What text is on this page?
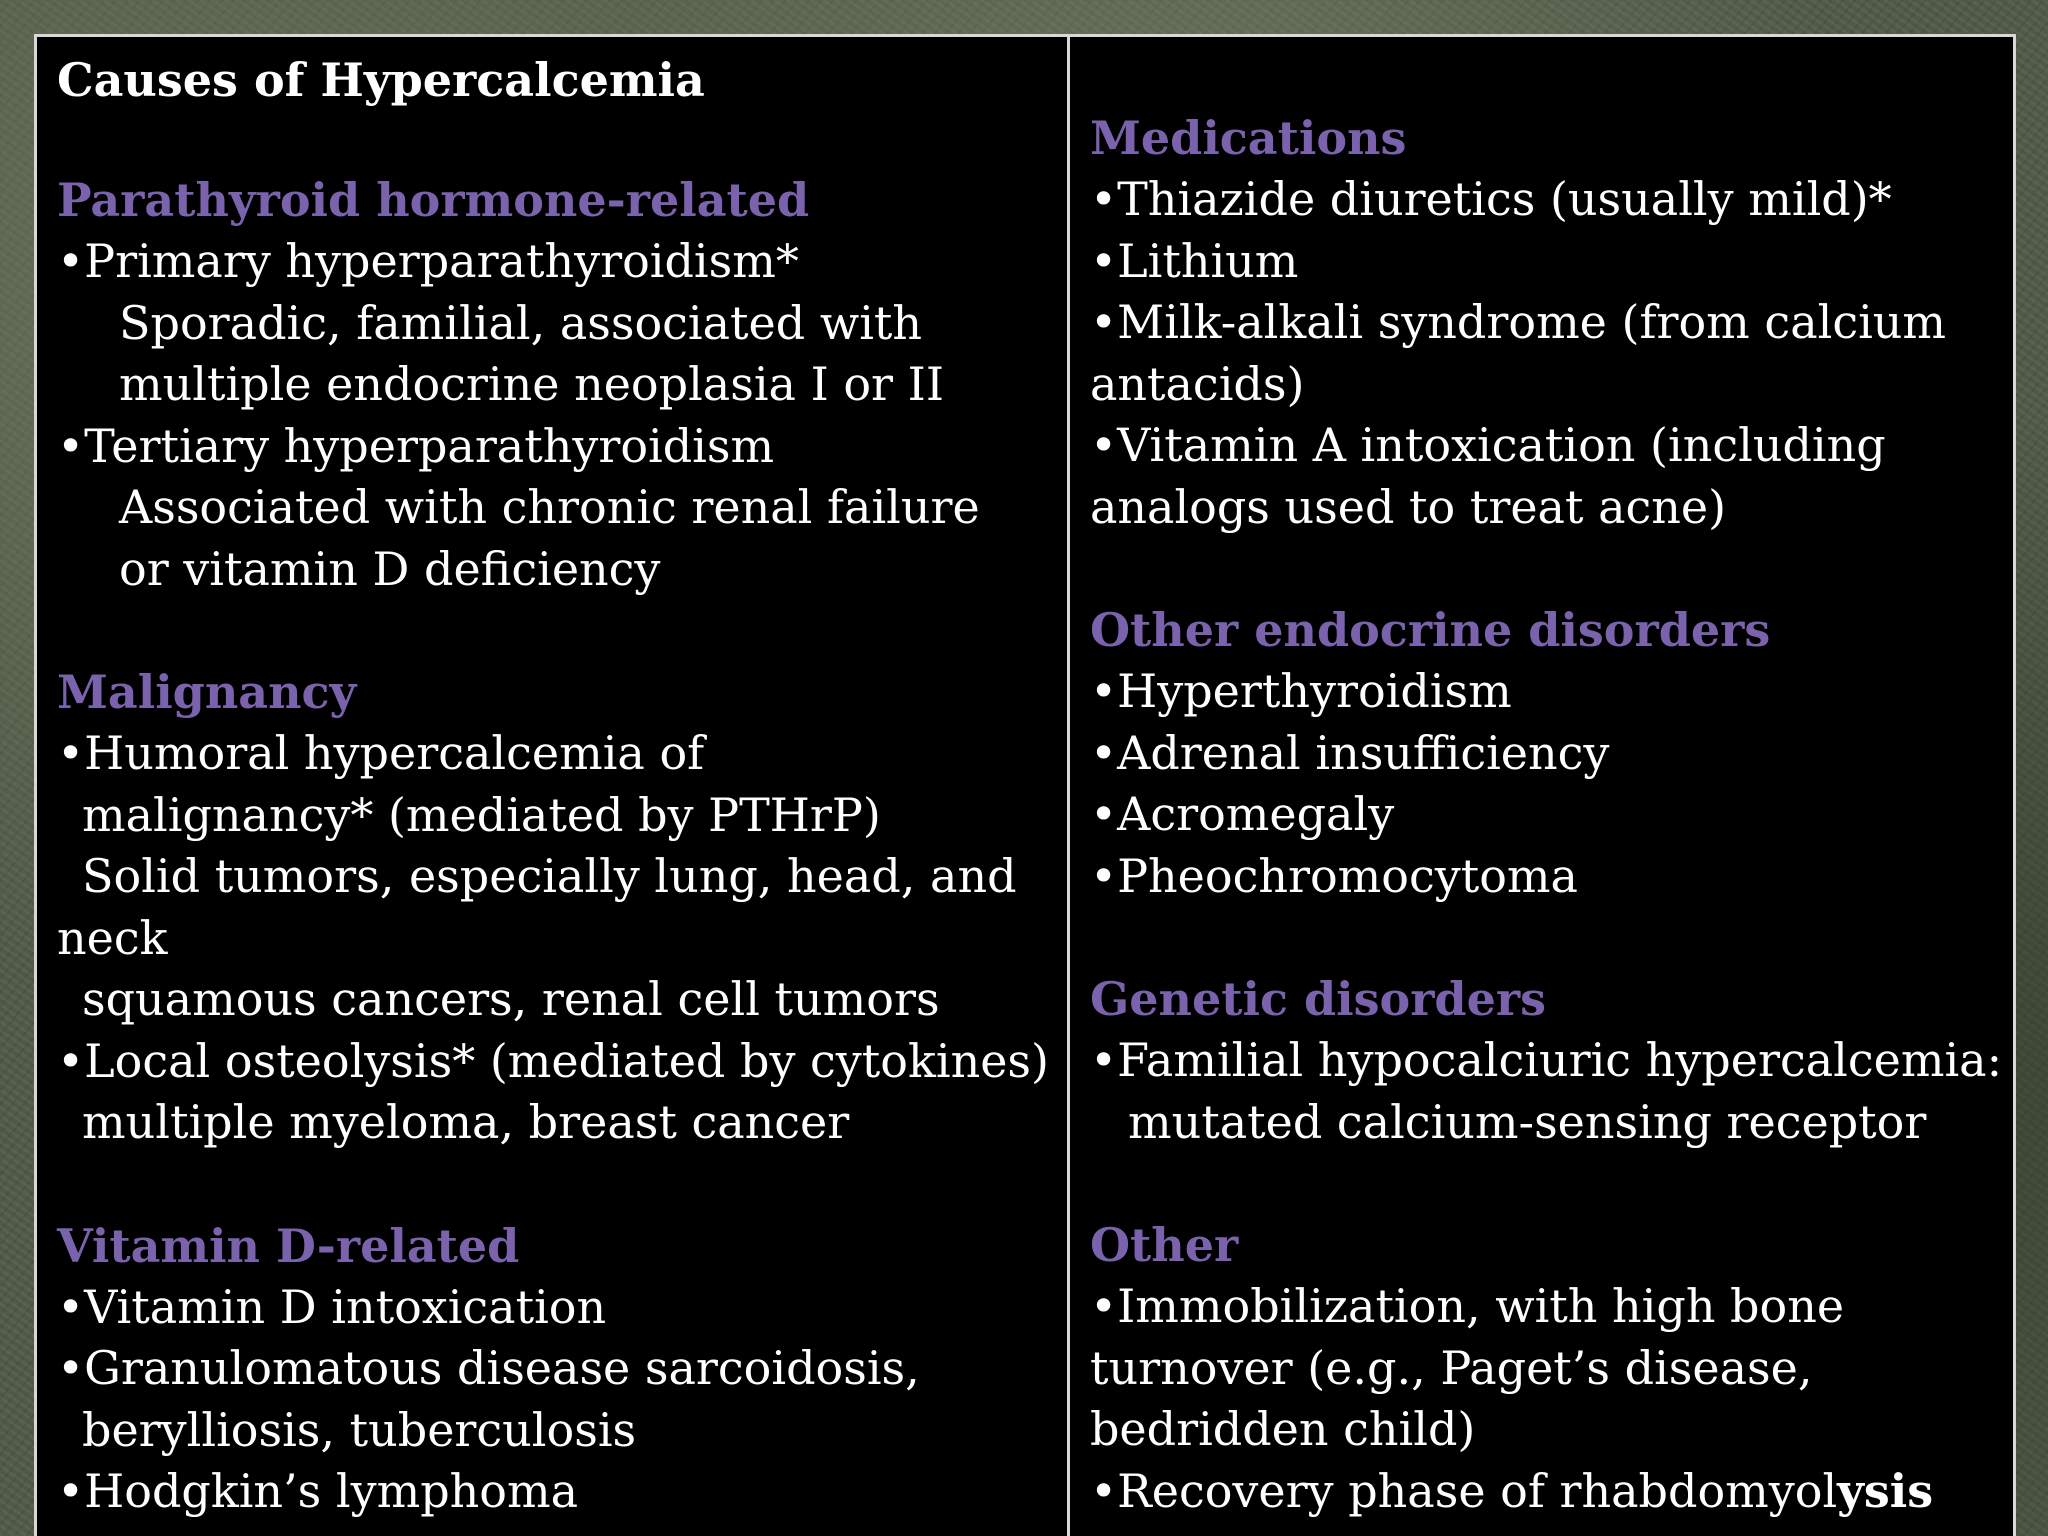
Causes of Hypercalcemia

Parathyroid hormone-related

•Primary hyperparathyroidism*

Sporadic, familial, associated with

multiple endocrine neoplasia I or II

•Tertiary hyperparathyroidism

Associated with chronic renal failure

or vitamin D deficiency

Malignancy

•Humoral hypercalcemia of

malignancy* (mediated by PTHrP)

Solid tumors, especially lung, head, and

neck

squamous cancers, renal cell tumors

•Local osteolysis* (mediated by cytokines)

multiple myeloma, breast cancer

Vitamin D-related

•Vitamin D intoxication

•Granulomatous disease sarcoidosis,

berylliosis, tuberculosis

•Hodgkin’s lymphoma

Medications

•Thiazide diuretics (usually mild)*

•Lithium

•Milk-alkali syndrome (from calcium

antacids)

•Vitamin A intoxication (including

analogs used to treat acne)

Other endocrine disorders

•Hyperthyroidism

•Adrenal insufficiency

•Acromegaly

•Pheochromocytoma

Genetic disorders

•Familial hypocalciuric hypercalcemia:

mutated calcium-sensing receptor

Other

•Immobilization, with high bone

turnover (e.g., Paget’s disease,

bedridden child)

•Recovery phase of rhabdomyolysis
